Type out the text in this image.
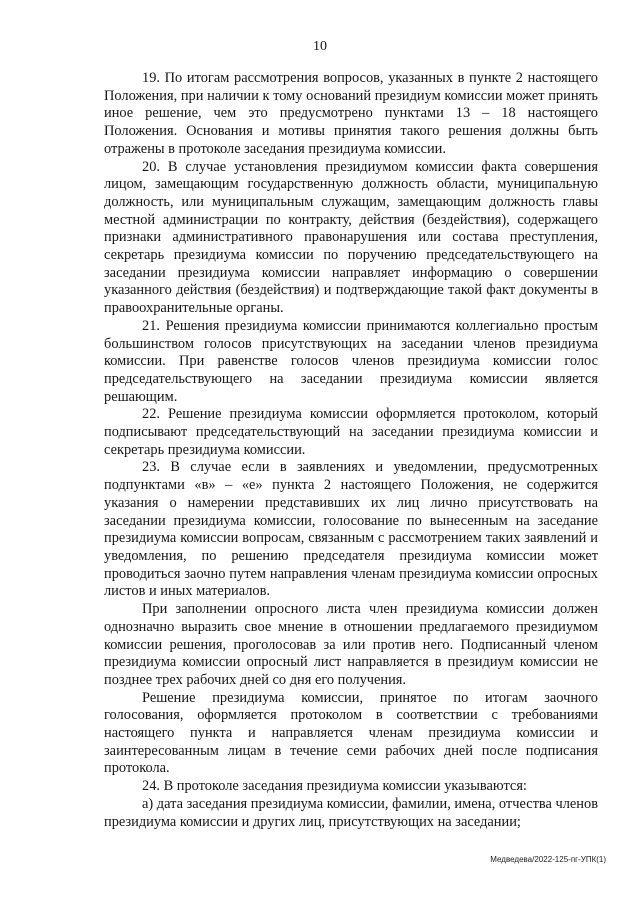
10

19. По итогам рассмотрения вопросов, указанных в пункте 2 настоящего Положения, при наличии к тому оснований президиум комиссии может принять иное решение, чем это предусмотрено пунктами 13 – 18 настоящего Положения. Основания и мотивы принятия такого решения должны быть отражены в протоколе заседания президиума комиссии.

20. В случае установления президиумом комиссии факта совершения лицом, замещающим государственную должность области, муниципальную должность, или муниципальным служащим, замещающим должность главы местной администрации по контракту, действия (бездействия), содержащего признаки административного правонарушения или состава преступления, секретарь президиума комиссии по поручению председательствующего на заседании президиума комиссии направляет информацию о совершении указанного действия (бездействия) и подтверждающие такой факт документы в правоохранительные органы.

21. Решения президиума комиссии принимаются коллегиально простым большинством голосов присутствующих на заседании членов президиума комиссии. При равенстве голосов членов президиума комиссии голос председательствующего на заседании президиума комиссии является решающим.

22. Решение президиума комиссии оформляется протоколом, который подписывают председательствующий на заседании президиума комиссии и секретарь президиума комиссии.

23. В случае если в заявлениях и уведомлении, предусмотренных подпунктами «в» – «е» пункта 2 настоящего Положения, не содержится указания о намерении представивших их лиц лично присутствовать на заседании президиума комиссии, голосование по вынесенным на заседание президиума комиссии вопросам, связанным с рассмотрением таких заявлений и уведомления, по решению председателя президиума комиссии может проводиться заочно путем направления членам президиума комиссии опросных листов и иных материалов.

При заполнении опросного листа член президиума комиссии должен однозначно выразить свое мнение в отношении предлагаемого президиумом комиссии решения, проголосовав за или против него. Подписанный членом президиума комиссии опросный лист направляется в президиум комиссии не позднее трех рабочих дней со дня его получения.

Решение президиума комиссии, принятое по итогам заочного голосования, оформляется протоколом в соответствии с требованиями настоящего пункта и направляется членам президиума комиссии и заинтересованным лицам в течение семи рабочих дней после подписания протокола.

24. В протоколе заседания президиума комиссии указываются:

а) дата заседания президиума комиссии, фамилии, имена, отчества членов президиума комиссии и других лиц, присутствующих на заседании;

Медведева/2022-125-пг-УПК(1)
